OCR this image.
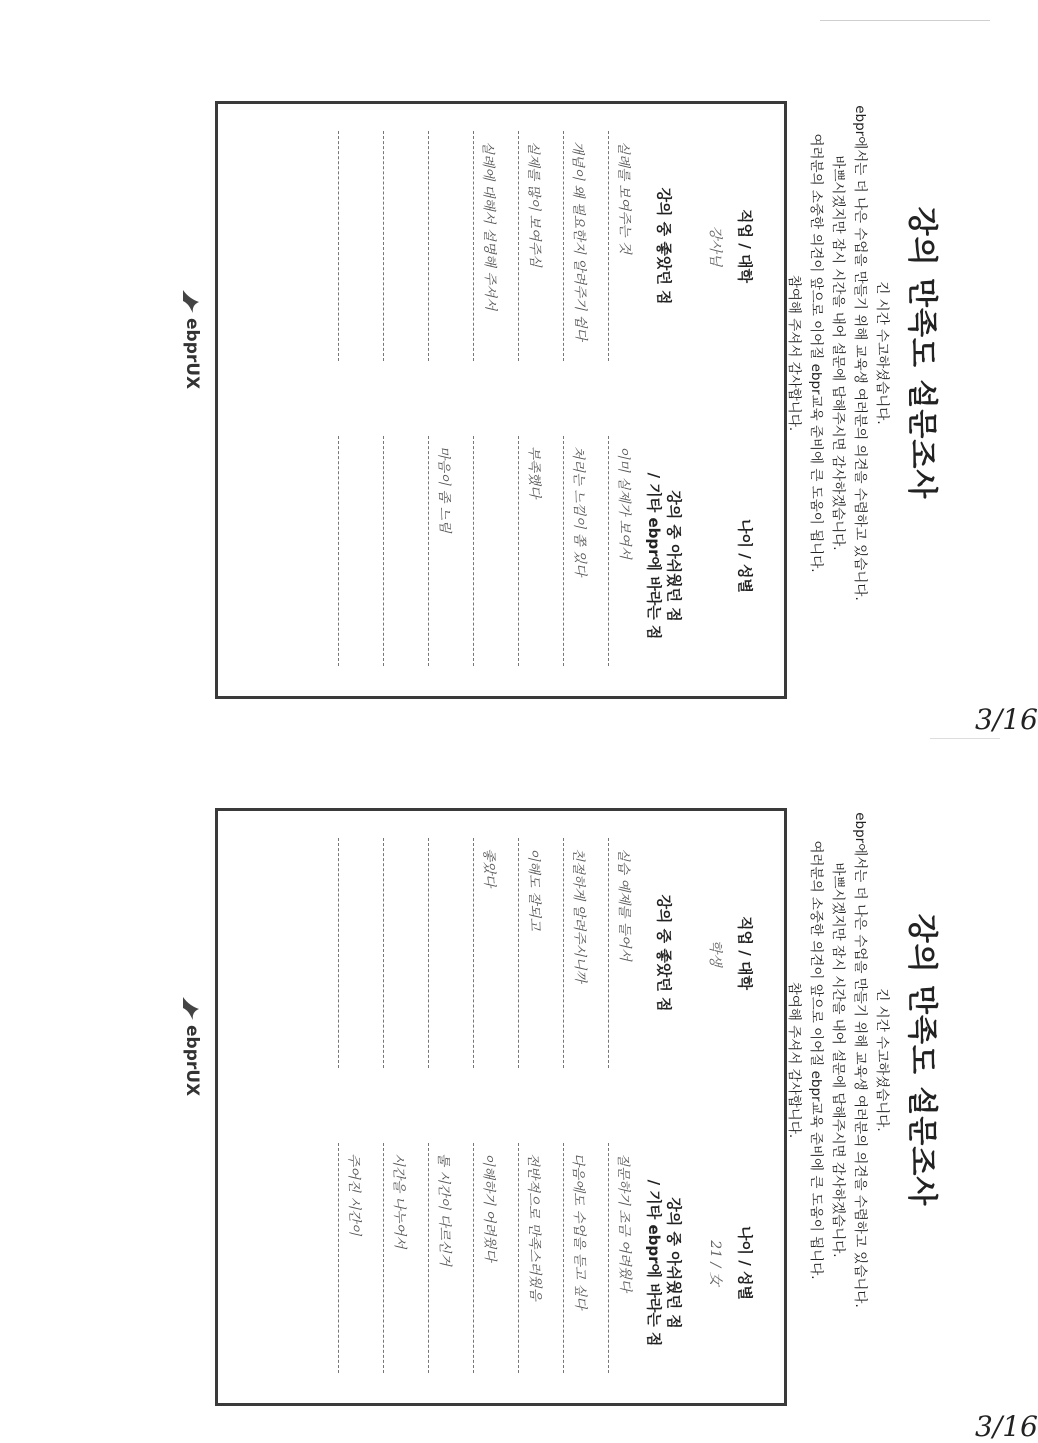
강의 만족도 설문조사
긴 시간 수고하셨습니다.
ebpr에서는 더 나은 수업을 만들기 위해 교육생 여러분의 의견을 수렴하고 있습니다.
바쁘시겠지만 잠시 시간을 내어 설문에 답해주시면 감사하겠습니다.
여러분의 소중한 의견이 앞으로 이어질 ebpr교육 준비에 큰 도움이 됩니다.
참여해 주셔서 감사합니다.
직업 / 대학
강사님
나이 / 성별
강의 중 좋았던 점
강의 중 아쉬웠던 점
/ 기타 ebpr에 바라는 점
실례를 보여주는 것
개념이 왜 필요한지 알려주기 쉽다
실제를 많이 보여주심
실례에 대해서 설명해 주셔서
이미 실제가 보여서
처리는 느낌이 쫌 있다
부족했다
마음이 좀 느림
ebprUX
3/16
강의 만족도 설문조사
긴 시간 수고하셨습니다.
ebpr에서는 더 나은 수업을 만들기 위해 교육생 여러분의 의견을 수렴하고 있습니다.
바쁘시겠지만 잠시 시간을 내어 설문에 답해주시면 감사하겠습니다.
여러분의 소중한 의견이 앞으로 이어질 ebpr교육 준비에 큰 도움이 됩니다.
참여해 주셔서 감사합니다.
직업 / 대학
학생
나이 / 성별
21 / 女
강의 중 좋았던 점
강의 중 아쉬웠던 점
/ 기타 ebpr에 바라는 점
실습 예제를 들어서
친절하게 알려주시니까
이해도 잘되고
좋았다
질문하기 조금 어려웠다
다음에도 수업을 듣고 싶다
전반적으로 만족스러웠음
이해하기 어려웠다
툴 시간이 다르신거
시간을 나누어서
주어진 시간이
ebprUX
3/16
